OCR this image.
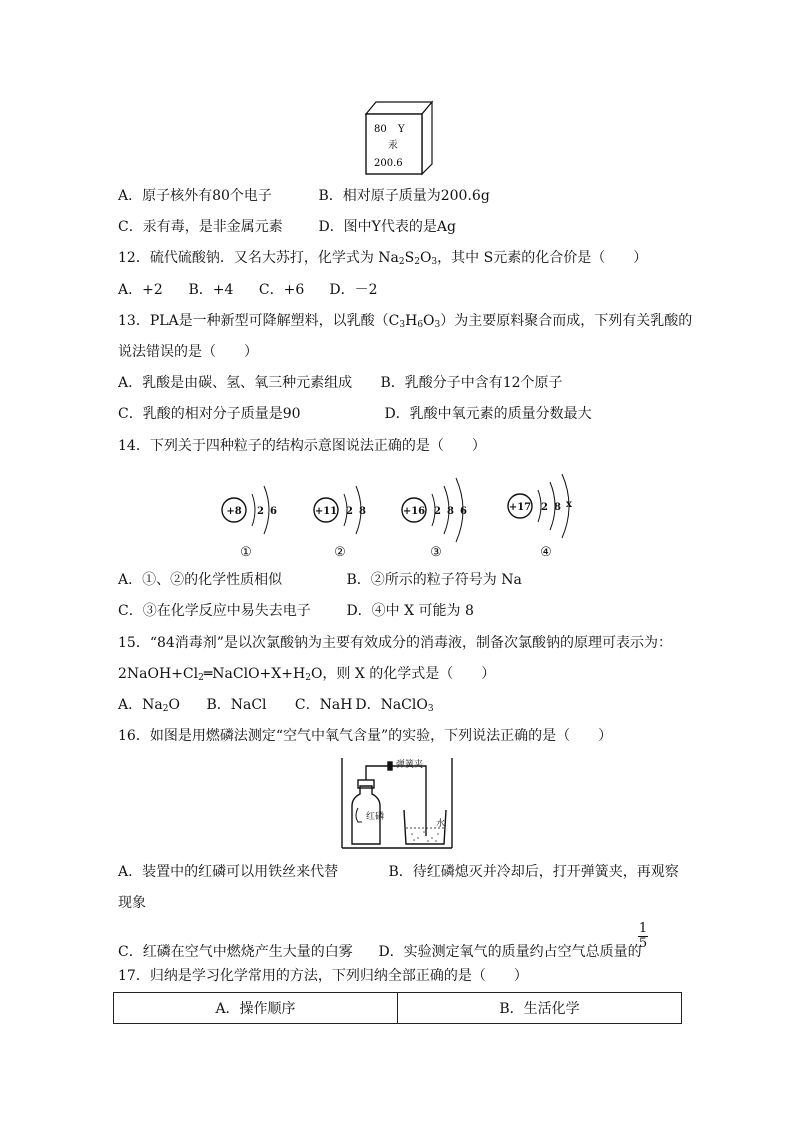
80 Y
汞
200.6
A．原子核外有80个电子	B．相对原子质量为200.6g
C．汞有毒，是非金属元素	D．图中Y代表的是Ag
12．硫代硫酸钠．又名大苏打，化学式为 $Na_2S_2O_3$，其中 S元素的化合价是（　　）
A．+2 B．+4 C．+6 D．－2
13．PLA是一种新型可降解塑料，以乳酸$(C_3H_6O_3)$为主要原料聚合而成，下列有关乳酸的
说法错误的是（　　）
A．乳酸是由碳、氢、氧三种元素组成 B．乳酸分子中含有12个原子
C．乳酸的相对分子质量是90	D．乳酸中氧元素的质量分数最大
14．下列关于四种粒子的结构示意图说法正确的是（　　）
+8 2 6
①
+11 2 8
②
+16 2 8 6
③
+17 2 8 x
④
A．①、②的化学性质相似	B．②所示的粒子符号为 Na
C．③在化学反应中易失去电子	D．④中 X 可能为 8
15．“84消毒剂”是以次氯酸钠为主要有效成分的消毒液，制备次氯酸钠的原理可表示为：
$2NaOH+Cl_2═NaClO+X+H_2O$，则 X 的化学式是（　　）
A．$Na_2O$ B．NaCl C．NaH D．NaClO$_3$
16．如图是用燃磷法测定“空气中氧气含量”的实验，下列说法正确的是（　　）
弹簧夹
红磷
水
A．装置中的红磷可以用铁丝来代替	B．待红磷熄灭并冷却后，打开弹簧夹，再观察
现象
C．红磷在空气中燃烧产生大量的白雾 D．实验测定氧气的质量约占空气总质量的
1
5
17．归纳是学习化学常用的方法，下列归纳全部正确的是（　　）
A．操作顺序	B．生活化学
